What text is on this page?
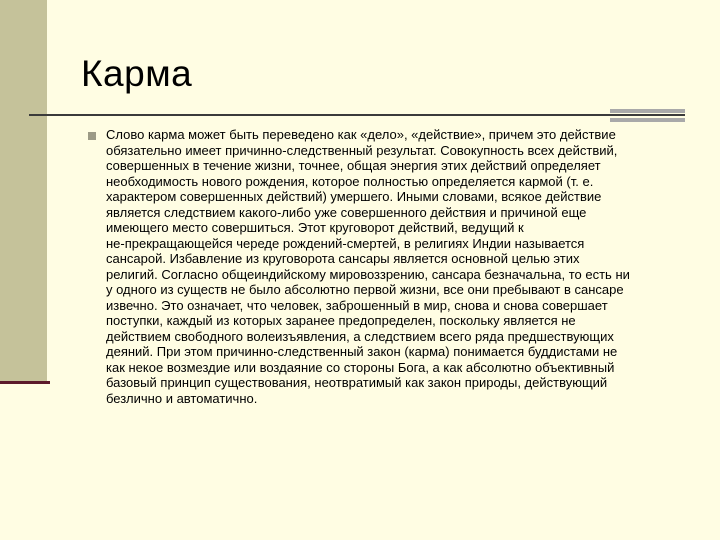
Карма
Слово карма может быть переведено как «дело», «действие», причем это действие
обязательно имеет причинно-следственный результат. Совокупность всех действий,
совершенных в течение жизни, точнее, общая энергия этих действий определяет
необходимость нового рождения, которое полностью определяется кармой (т. е.
характером совершенных действий) умершего. Иными словами, всякое действие
является следствием какого-либо уже совершенного действия и причиной еще
имеющего место совершиться. Этот круговорот действий, ведущий к
не-прекращающейся череде рождений-смертей, в религиях Индии называется
сансарой. Избавление из круговорота сансары является основной целью этих
религий. Согласно общеиндийскому мировоззрению, сансара безначальна, то есть ни
у одного из существ не было абсолютно первой жизни, все они пребывают в сансаре
извечно. Это означает, что человек, заброшенный в мир, снова и снова совершает
поступки, каждый из которых заранее предопределен, поскольку является не
действием свободного волеизъявления, а следствием всего ряда предшествующих
деяний. При этом причинно-следственный закон (карма) понимается буддистами не
как некое возмездие или воздаяние со стороны Бога, а как абсолютно объективный
базовый принцип существования, неотвратимый как закон природы, действующий
безлично и автоматично.
